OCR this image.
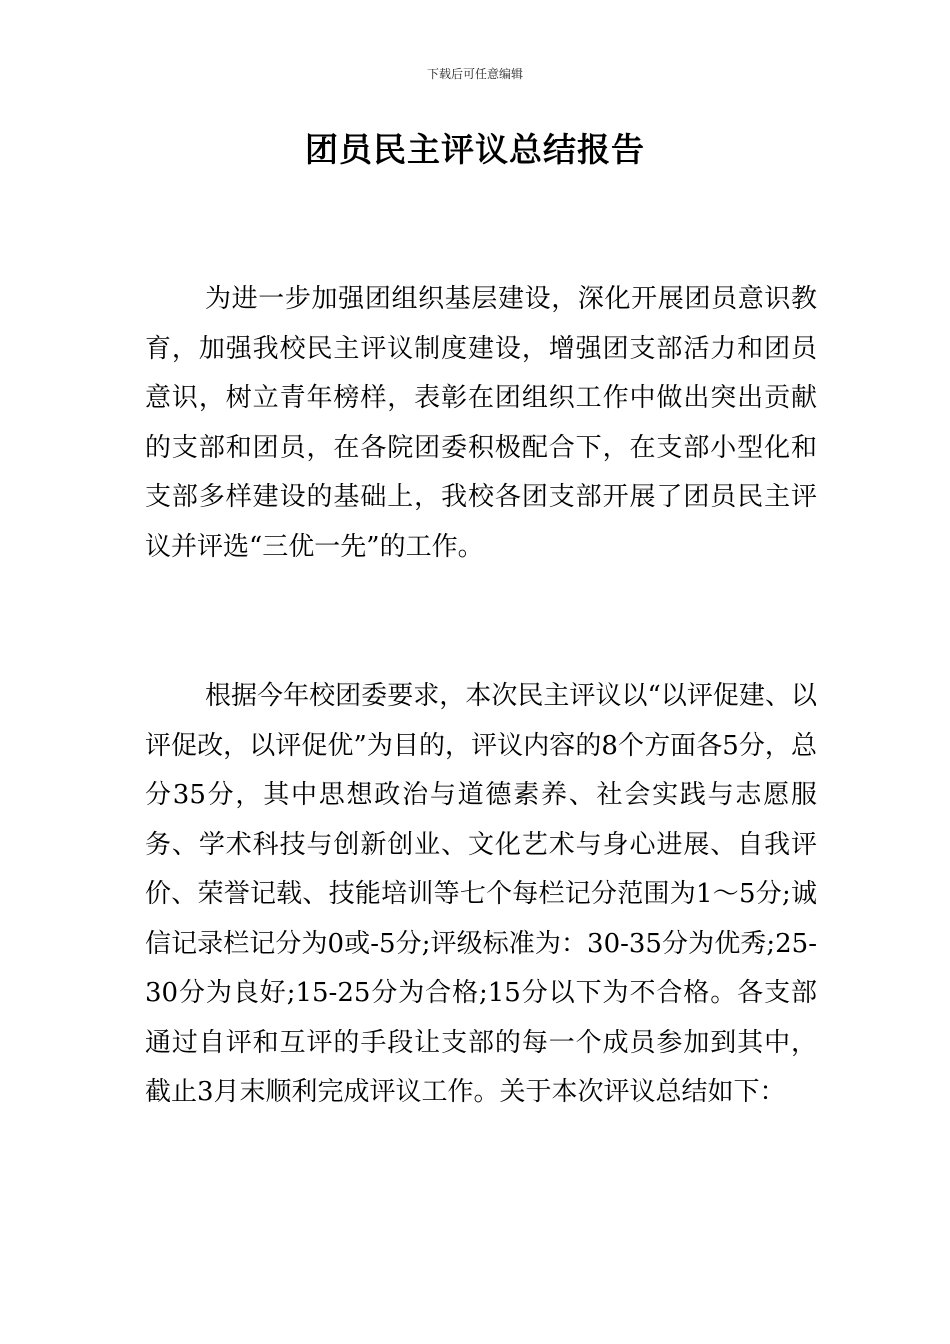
下载后可任意编辑
团员民主评议总结报告

为进一步加强团组织基层建设，深化开展团员意识教育，加强我校民主评议制度建设，增强团支部活力和团员意识，树立青年榜样，表彰在团组织工作中做出突出贡献的支部和团员，在各院团委积极配合下，在支部小型化和支部多样建设的基础上，我校各团支部开展了团员民主评议并评选“三优一先”的工作。

根据今年校团委要求，本次民主评议以“以评促建、以评促改，以评促优”为目的，评议内容的8个方面各5分，总分35分，其中思想政治与道德素养、社会实践与志愿服务、学术科技与创新创业、文化艺术与身心进展、自我评价、荣誉记载、技能培训等七个每栏记分范围为1～5分;诚信记录栏记分为0或-5分;评级标准为：30-35分为优秀;25-30分为良好;15-25分为合格;15分以下为不合格。各支部通过自评和互评的手段让支部的每一个成员参加到其中，截止3月末顺利完成评议工作。关于本次评议总结如下：
